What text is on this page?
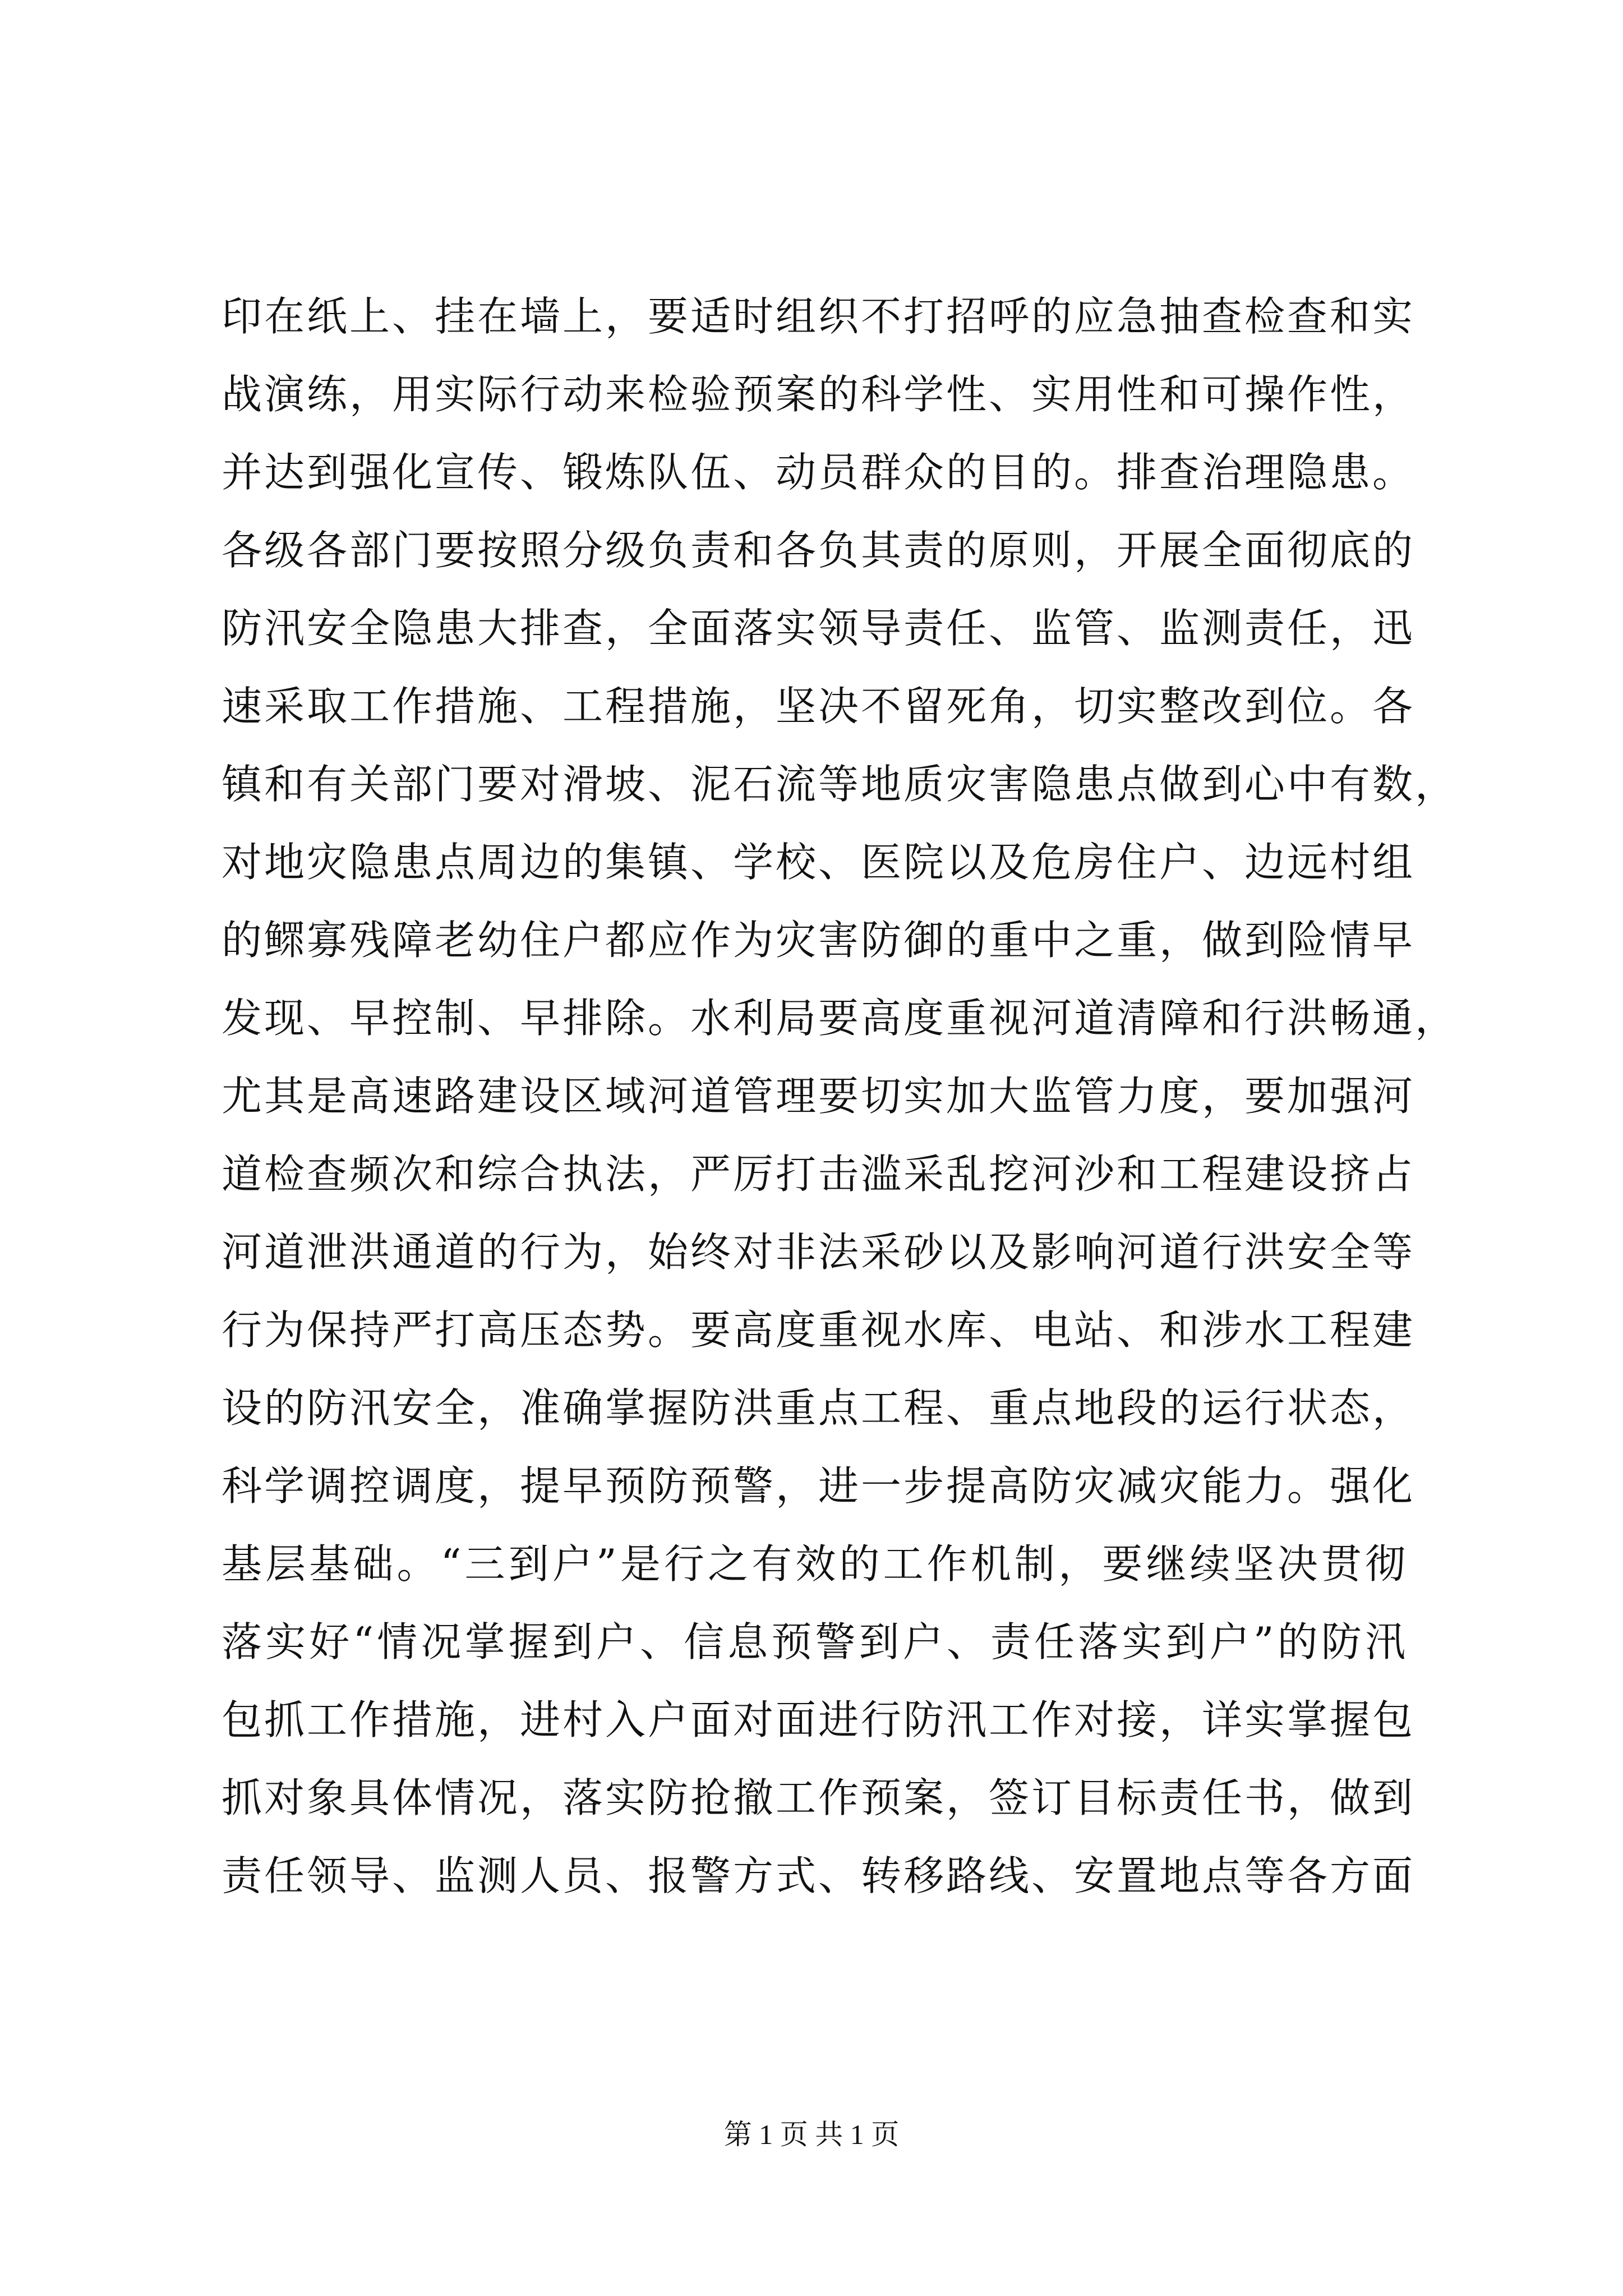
印在纸上、挂在墙上，要适时组织不打招呼的应急抽查检查和实
战演练，用实际行动来检验预案的科学性、实用性和可操作性，
并达到强化宣传、锻炼队伍、动员群众的目的。排查治理隐患。
各级各部门要按照分级负责和各负其责的原则，开展全面彻底的
防汛安全隐患大排查，全面落实领导责任、监管、监测责任，迅
速采取工作措施、工程措施，坚决不留死角，切实整改到位。各
镇和有关部门要对滑坡、泥石流等地质灾害隐患点做到心中有数，
对地灾隐患点周边的集镇、学校、医院以及危房住户、边远村组
的鳏寡残障老幼住户都应作为灾害防御的重中之重，做到险情早
发现、早控制、早排除。水利局要高度重视河道清障和行洪畅通，
尤其是高速路建设区域河道管理要切实加大监管力度，要加强河
道检查频次和综合执法，严厉打击滥采乱挖河沙和工程建设挤占
河道泄洪通道的行为，始终对非法采砂以及影响河道行洪安全等
行为保持严打高压态势。要高度重视水库、电站、和涉水工程建
设的防汛安全，准确掌握防洪重点工程、重点地段的运行状态，
科学调控调度，提早预防预警，进一步提高防灾减灾能力。强化
基层基础。“三到户”是行之有效的工作机制，要继续坚决贯彻
落实好“情况掌握到户、信息预警到户、责任落实到户”的防汛
包抓工作措施，进村入户面对面进行防汛工作对接，详实掌握包
抓对象具体情况，落实防抢撤工作预案，签订目标责任书，做到
责任领导、监测人员、报警方式、转移路线、安置地点等各方面
第 1 页 共 1 页
